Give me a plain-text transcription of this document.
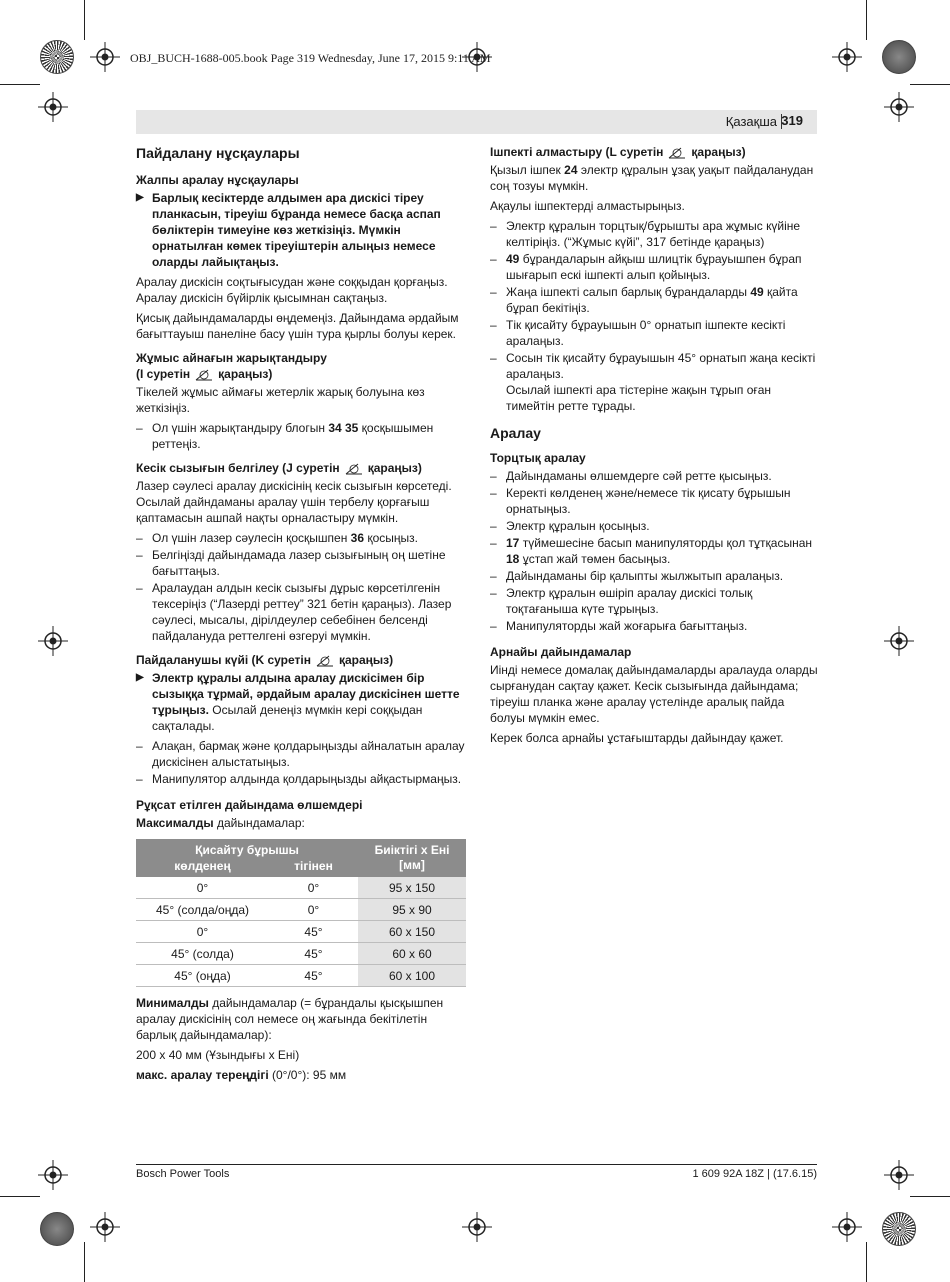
OBJ_BUCH-1688-005.book Page 319 Wednesday, June 17, 2015 9:11 AM
Қазақша 319
Пайдалану нұсқаулары
Жалпы аралау нұсқаулары
▶ Барлық кесіктерде алдымен ара дискісі тіреу планкасын, тіреуіш бұранда немесе басқа аспап бөліктерін тимеуіне көз жеткізіңіз. Мүмкін орнатылған көмек тіреуіштерін алыңыз немесе оларды лайықтаңыз.

Аралау дискісін соқтығысудан және соққыдан қорғаңыз. Аралау дискісін бүйірлік қысымнан сақтаңыз.

Қисық дайындамаларды өңдемеңіз. Дайындама әрдайым бағыттауыш панеліне басу үшін тура қырлы болуы керек.

Жұмыс айнағын жарықтандыру
(I суретін қараңыз)

Тікелей жұмыс аймағы жетерлік жарық болуына көз жеткізіңіз.

– Ол үшін жарықтандыру блогын 34 35 қосқышымен реттеңіз.
Кесік сызығын белгілеу (J суретін қараңыз)

Лазер сәулесі аралау дискісінің кесік сызығын көрсетеді. Осылай дайндаманы аралау үшін тербелу қорғағыш қаптамасын ашпай нақты орналастыру мүмкін.

– Ол үшін лазер сәулесін қосқышпен 36 қосыңыз.
– Белгіңізді дайындамада лазер сызығының оң шетіне бағыттаңыз.
– Аралаудан алдын кесік сызығы дұрыс көрсетілгенін тексеріңіз (“Лазерді реттеу” 321 бетін қараңыз). Лазер сәулесі, мысалы, дірілдеулер себебінен белсенді пайдалануда реттелгені өзгеруі мүмкін.
Пайдаланушы күйі (K суретін қараңыз)
▶ Электр құралы алдына аралау дискісімен бір сызыққа тұрмай, әрдайым аралау дискісінен шетте тұрыңыз. Осылай денеңіз мүмкін кері соққыдан сақталады.
– Алақан, бармақ және қолдарыңызды айналатын аралау дискісінен алыстатыңыз.
– Манипулятор алдында қолдарыңызды айқастырмаңыз.
Рұқсат етілген дайындама өлшемдері

Максималды дайындамалар:

Қисайту бұрышы		Биіктігі x Ені [мм]
көлденең	тігінен	
0°	0°	95 x 150
45° (солда/оңда)	0°	95 x 90
0°	45°	60 x 150
45° (солда)	45°	60 x 60
45° (оңда)	45°	60 x 100

Минималды дайындамалар (= бұрандалы қысқышпен аралау дискісінің сол немесе оң жағында бекітілетін барлық дайындамалар):

200 x 40 мм (Ұзындығы x Ені)

макс. аралау тереңдігі (0°/0°): 95 мм

Ішпекті алмастыру (L суретін қараңыз)

Қызыл ішпек 24 электр құралын ұзақ уақыт пайдаланудан соң тозуы мүмкін.

Ақаулы ішпектерді алмастырыңыз.

– Электр құралын торцтық/бұрышты ара жұмыс күйіне келтіріңіз. (“Жұмыс күйі”, 317 бетінде қараңыз)
– 49 бұрандаларын айқыш шлицтік бұрауышпен бұрап шығарып ескі ішпекті алып қойыңыз.
– Жаңа ішпекті салып барлық бұрандаларды 49 қайта бұрап бекітіңіз.
– Тік қисайту бұрауышын 0° орнатып ішпекте кесікті аралаңыз.
– Сосын тік қисайту бұрауышын 45° орнатып жаңа кесікті аралаңыз.
Осылай ішпекті ара тістеріне жақын тұрып оған тимейтін ретте тұрады.
Аралау
Торцтық аралау
– Дайындаманы өлшемдерге сәй ретте қысыңыз.
– Керекті көлденең және/немесе тік қисату бұрышын орнатыңыз.
– Электр құралын қосыңыз.
– 17 түймешесіне басып манипуляторды қол тұтқасынан 18 ұстап жай төмен басыңыз.
– Дайындаманы бір қалыпты жылжытып аралаңыз.
– Электр құралын өшіріп аралау дискісі толық тоқтағаныша күте тұрыңыз.
– Манипуляторды жай жоғарыға бағыттаңыз.
Арнайы дайындамалар

Иінді немесе домалақ дайындамаларды аралауда оларды сырғанудан сақтау қажет. Кесік сызығында дайындама; тіреуіш планка және аралау үстелінде аралық пайда болуы мүмкін емес.

Керек болса арнайы ұстағыштарды дайындау қажет.

Bosch Power Tools	1 609 92A 18Z | (17.6.15)
